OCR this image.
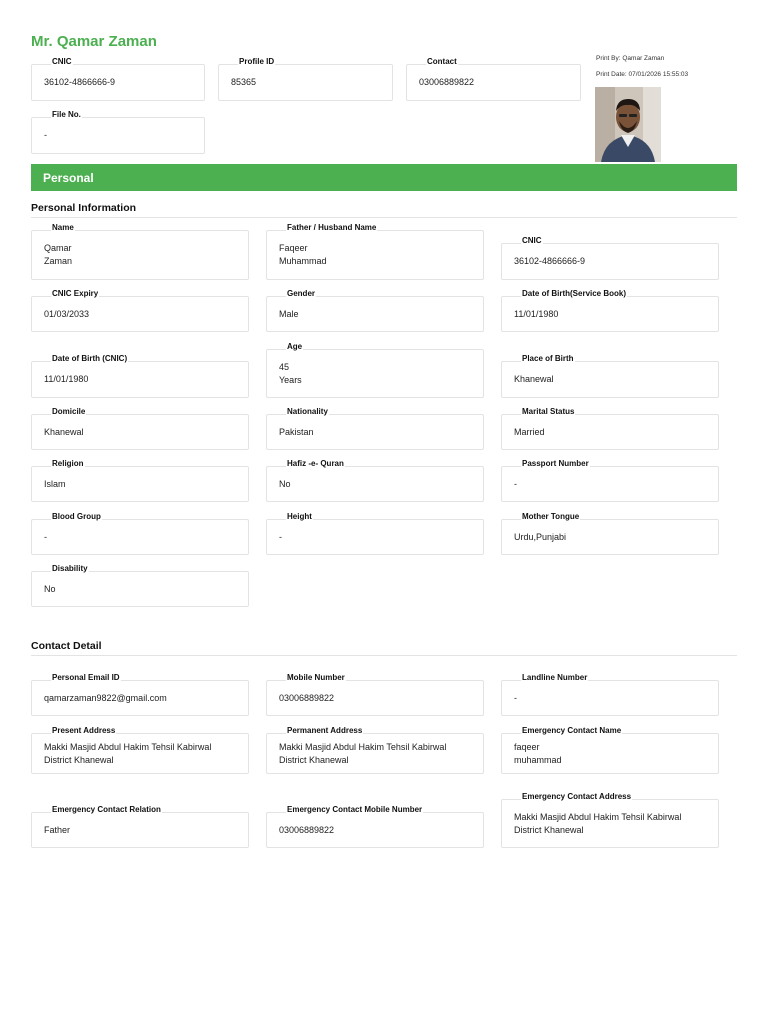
Mr. Qamar Zaman
CNIC
36102-4866666-9
Profile ID
85365
Contact
03006889822
File No.
-
Print By: Qamar Zaman
Print Date: 07/01/2026 15:55:03
Personal
Personal Information
Name
Qamar
Zaman
Father / Husband Name
Faqeer
Muhammad
CNIC
36102-4866666-9
CNIC Expiry
01/03/2033
Gender
Male
Date of Birth(Service Book)
11/01/1980
Date of Birth (CNIC)
11/01/1980
Age
45
Years
Place of Birth
Khanewal
Domicile
Khanewal
Nationality
Pakistan
Marital Status
Married
Religion
Islam
Hafiz -e- Quran
No
Passport Number
-
Blood Group
-
Height
-
Mother Tongue
Urdu,Punjabi
Disability
No
Contact Detail
Personal Email ID
qamarzaman9822@gmail.com
Mobile Number
03006889822
Landline Number
-
Present Address
Makki Masjid Abdul Hakim Tehsil Kabirwal
District Khanewal
Permanent Address
Makki Masjid Abdul Hakim Tehsil Kabirwal
District Khanewal
Emergency Contact Name
faqeer
muhammad
Emergency Contact Relation
Father
Emergency Contact Mobile Number
03006889822
Emergency Contact Address
Makki Masjid Abdul Hakim Tehsil Kabirwal
District Khanewal
